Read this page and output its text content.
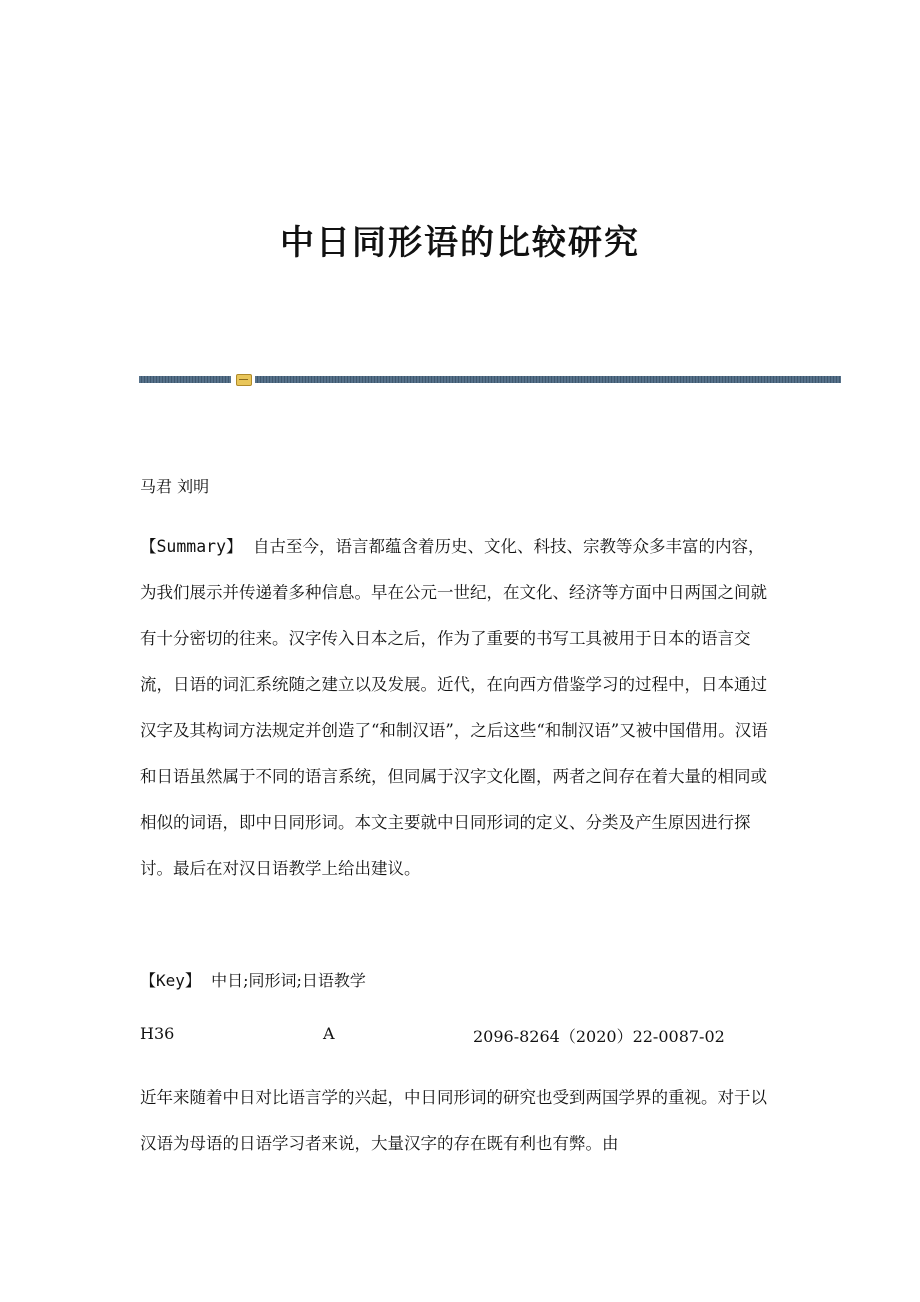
中日同形语的比较研究

马君 刘明

【Summary】 自古至今，语言都蕴含着历史、文化、科技、宗教等众多丰富的内容，为我们展示并传递着多种信息。早在公元一世纪，在文化、经济等方面中日两国之间就有十分密切的往来。汉字传入日本之后，作为了重要的书写工具被用于日本的语言交流，日语的词汇系统随之建立以及发展。近代，在向西方借鉴学习的过程中，日本通过汉字及其构词方法规定并创造了“和制汉语”，之后这些“和制汉语”又被中国借用。汉语和日语虽然属于不同的语言系统，但同属于汉字文化圈，两者之间存在着大量的相同或相似的词语，即中日同形词。本文主要就中日同形词的定义、分类及产生原因进行探讨。最后在对汉日语教学上给出建议。

【Key】 中日;同形词;日语教学

H36	A	2096-8264（2020）22-0087-02

近年来随着中日对比语言学的兴起，中日同形词的研究也受到两国学界的重视。对于以汉语为母语的日语学习者来说，大量汉字的存在既有利也有弊。由
